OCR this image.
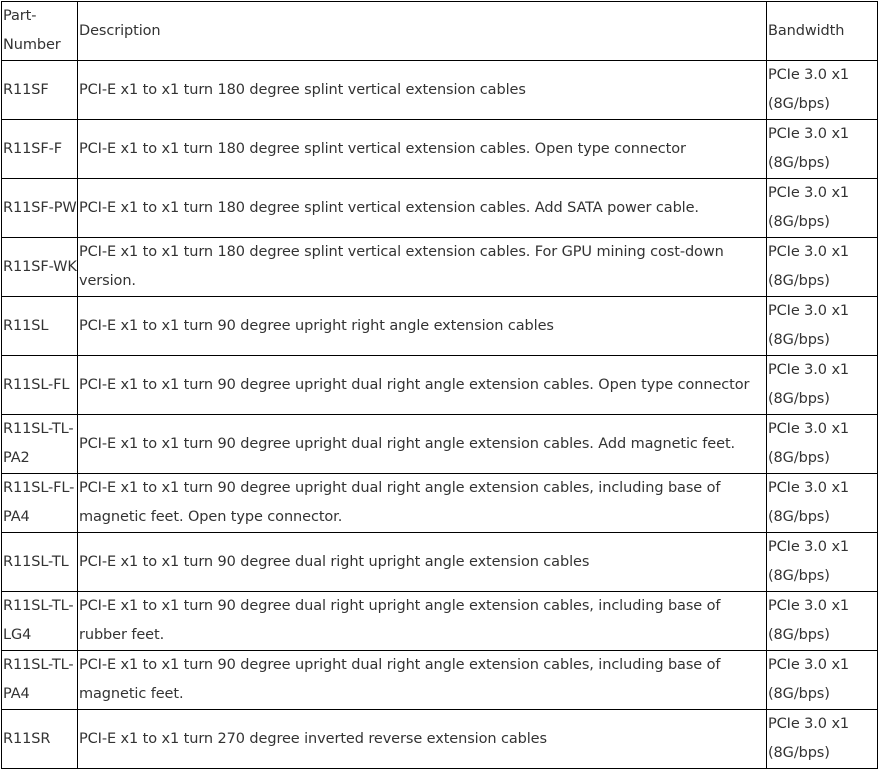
Part-Number	Description	Bandwidth

R11SF	PCI-E x1 to x1 turn 180 degree splint vertical extension cables	PCIe 3.0 x1 (8G/bps)

R11SF-F	PCI-E x1 to x1 turn 180 degree splint vertical extension cables. Open type connector	PCIe 3.0 x1 (8G/bps)

R11SF-PW	PCI-E x1 to x1 turn 180 degree splint vertical extension cables. Add SATA power cable.	PCIe 3.0 x1 (8G/bps)

R11SF-WK	PCI-E x1 to x1 turn 180 degree splint vertical extension cables. For GPU mining cost-down version.	PCIe 3.0 x1 (8G/bps)

R11SL	PCI-E x1 to x1 turn 90 degree upright right angle extension cables	PCIe 3.0 x1 (8G/bps)

R11SL-FL	PCI-E x1 to x1 turn 90 degree upright dual right angle extension cables. Open type connector	PCIe 3.0 x1 (8G/bps)

R11SL-TL-PA2	PCI-E x1 to x1 turn 90 degree upright dual right angle extension cables. Add magnetic feet.	PCIe 3.0 x1 (8G/bps)

R11SL-FL-PA4	PCI-E x1 to x1 turn 90 degree upright dual right angle extension cables, including base of magnetic feet. Open type connector.	PCIe 3.0 x1 (8G/bps)

R11SL-TL	PCI-E x1 to x1 turn 90 degree dual right upright angle extension cables	PCIe 3.0 x1 (8G/bps)

R11SL-TL-LG4	PCI-E x1 to x1 turn 90 degree dual right upright angle extension cables, including base of rubber feet.	PCIe 3.0 x1 (8G/bps)

R11SL-TL-PA4	PCI-E x1 to x1 turn 90 degree upright dual right angle extension cables, including base of magnetic feet.	PCIe 3.0 x1 (8G/bps)

R11SR	PCI-E x1 to x1 turn 270 degree inverted reverse extension cables	PCIe 3.0 x1 (8G/bps)
